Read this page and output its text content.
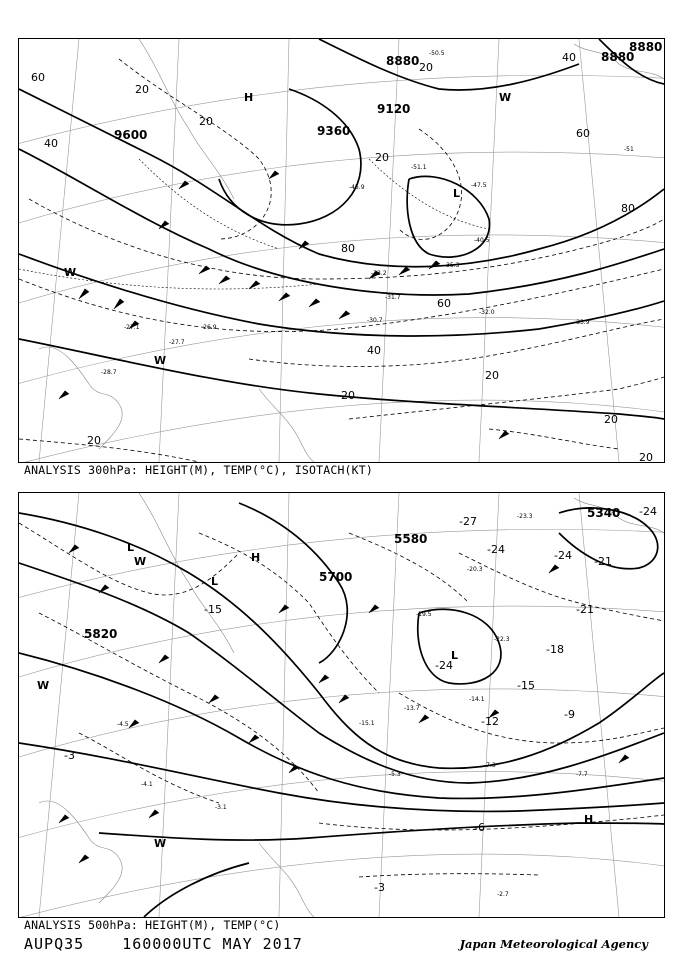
9600	9360
9120
8880	8880
8880
60
40
20
20
20
20
40
60
80
80
60
40
20
20
20
20
20
-27.1	-26.9
-27.7
-28.7
-30.7
-31.7
-32.0
-33.2
-33.9
-35.3
-40.5
-45.9	-47.5
-51.1
-51
-50.5
H
L
W
W
W
ANALYSIS 300hPa: HEIGHT(M), TEMP(°C), ISOTACH(KT)
5820
5700
5580
5340
-3
-3
-6
-9
-12
-15
-15
-18
-21
-24
-24	-24
-24
-27
-21
-4.5
-4.1
-3.1
-5.3
-7.3
-7.7
-2.7
-13.7
-15.1
-20.3
-23.3
-22.3
-19.5
-14.1
H
H
L
L
L
W
W
W
ANALYSIS 500hPa: HEIGHT(M), TEMP(°C)
AUPQ35	160000UTC MAY 2017	Japan Meteorological Agency
